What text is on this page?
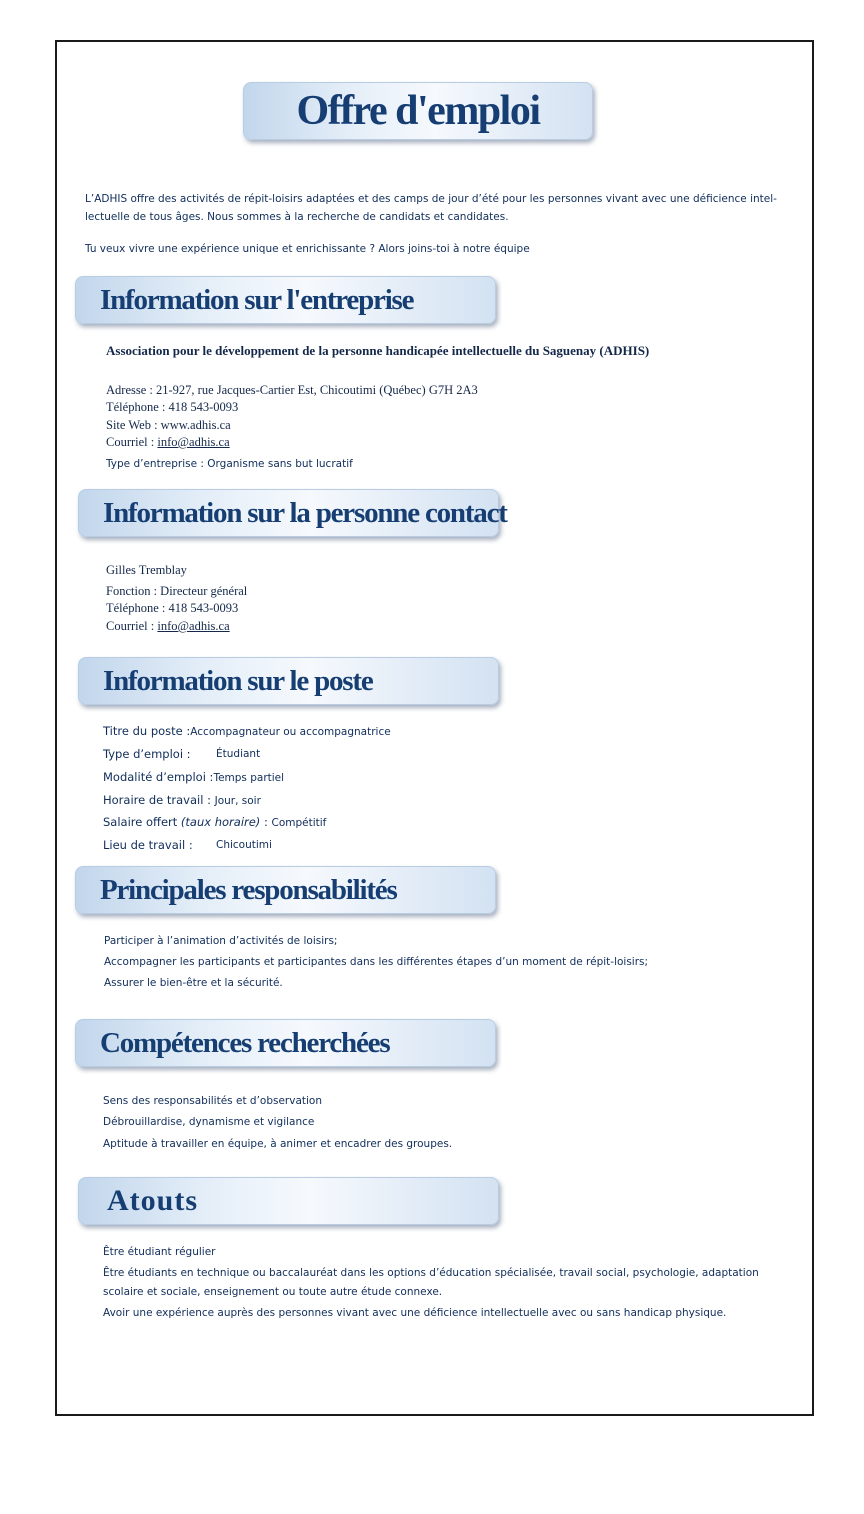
Offre d'emploi
L’ADHIS offre des activités de répit-loisirs adaptées et des camps de jour d’été pour les personnes vivant avec une déficience intel-
lectuelle de tous âges. Nous sommes à la recherche de candidats et candidates.
Tu veux vivre une expérience unique et enrichissante ? Alors joins-toi à notre équipe
Information sur l'entreprise
Association pour le développement de la personne handicapée intellectuelle du Saguenay (ADHIS)
Adresse : 21-927, rue Jacques-Cartier Est, Chicoutimi (Québec) G7H 2A3
Téléphone : 418 543-0093
Site Web : www.adhis.ca
Courriel : info@adhis.ca
Type d’entreprise : Organisme sans but lucratif
Information sur la personne contact
Gilles Tremblay
Fonction : Directeur général
Téléphone : 418 543-0093
Courriel : info@adhis.ca
Information sur le poste
Titre du poste :Accompagnateur ou accompagnatrice
Type d’emploi : Étudiant
Modalité d’emploi :Temps partiel
Horaire de travail : Jour, soir
Salaire offert (taux horaire) : Compétitif
Lieu de travail : Chicoutimi
Principales responsabilités
Participer à l’animation d’activités de loisirs;
Accompagner les participants et participantes dans les différentes étapes d’un moment de répit-loisirs;
Assurer le bien-être et la sécurité.
Compétences recherchées
Sens des responsabilités et d’observation
Débrouillardise, dynamisme et vigilance
Aptitude à travailler en équipe, à animer et encadrer des groupes.
Atouts
Être étudiant régulier
Être étudiants en technique ou baccalauréat dans les options d’éducation spécialisée, travail social, psychologie, adaptation
scolaire et sociale, enseignement ou toute autre étude connexe.
Avoir une expérience auprès des personnes vivant avec une déficience intellectuelle avec ou sans handicap physique.
